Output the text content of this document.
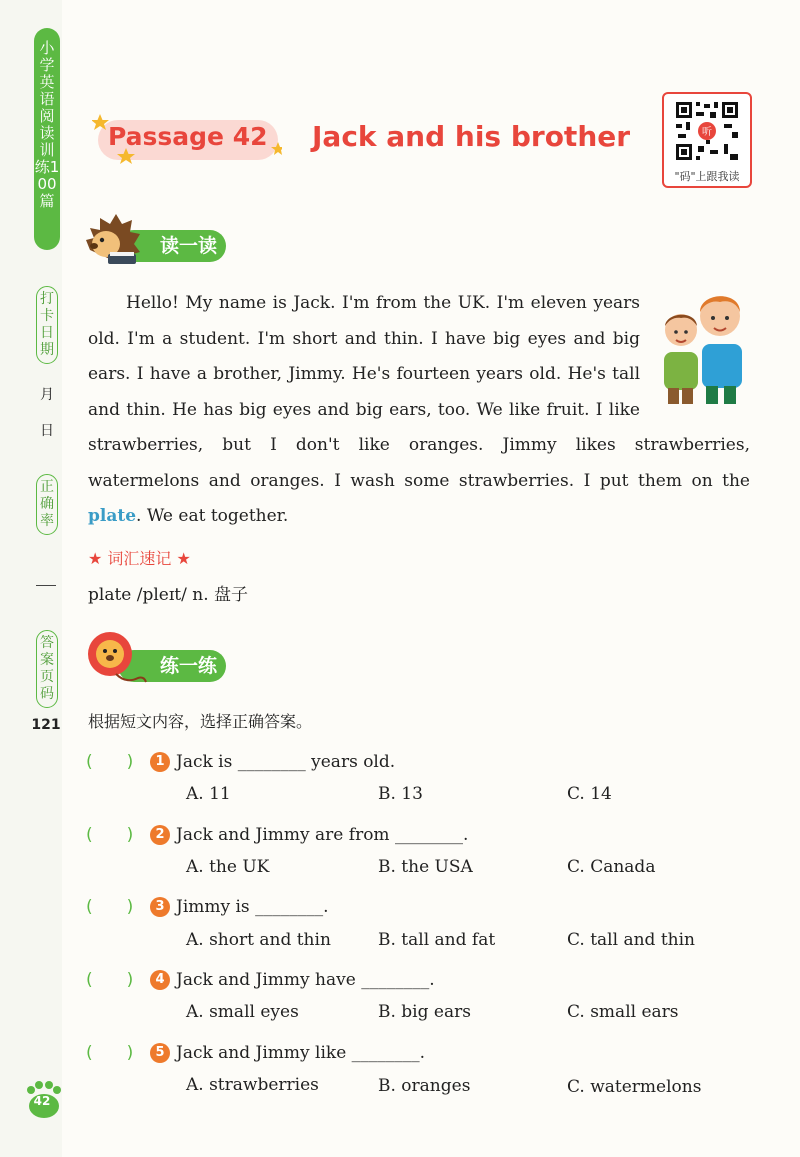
小学英语阅读训练100篇
打卡日期
月
日
正确率
答案页码
121
42
Passage 42 Jack and his brother	听
"码"上跟我读
读一读

Hello! My name is Jack. I'm from the UK. I'm eleven years old. I'm a student. I'm short and thin. I have big eyes and big ears. I have a brother, Jimmy. He's fourteen years old. He's tall and thin. He has big eyes and big ears, too. We like fruit. I like strawberries, but I don't like oranges. Jimmy likes strawberries, watermelons and oranges. I wash some strawberries. I put them on the plate. We eat together.

★ 词汇速记 ★
plate /pleɪt/ n. 盘子
练一练
根据短文内容，选择正确答案。
(　　) 1 Jack is ________ years old.
A. 11	B. 13	C. 14
(　　) 2 Jack and Jimmy are from ________.
A. the UK	B. the USA	C. Canada
(　　) 3 Jimmy is ________.
A. short and thin	B. tall and fat	C. tall and thin
(　　) 4 Jack and Jimmy have ________.
A. small eyes	B. big ears	C. small ears
(　　) 5 Jack and Jimmy like ________.
A. strawberries	B. oranges	C. watermelons
